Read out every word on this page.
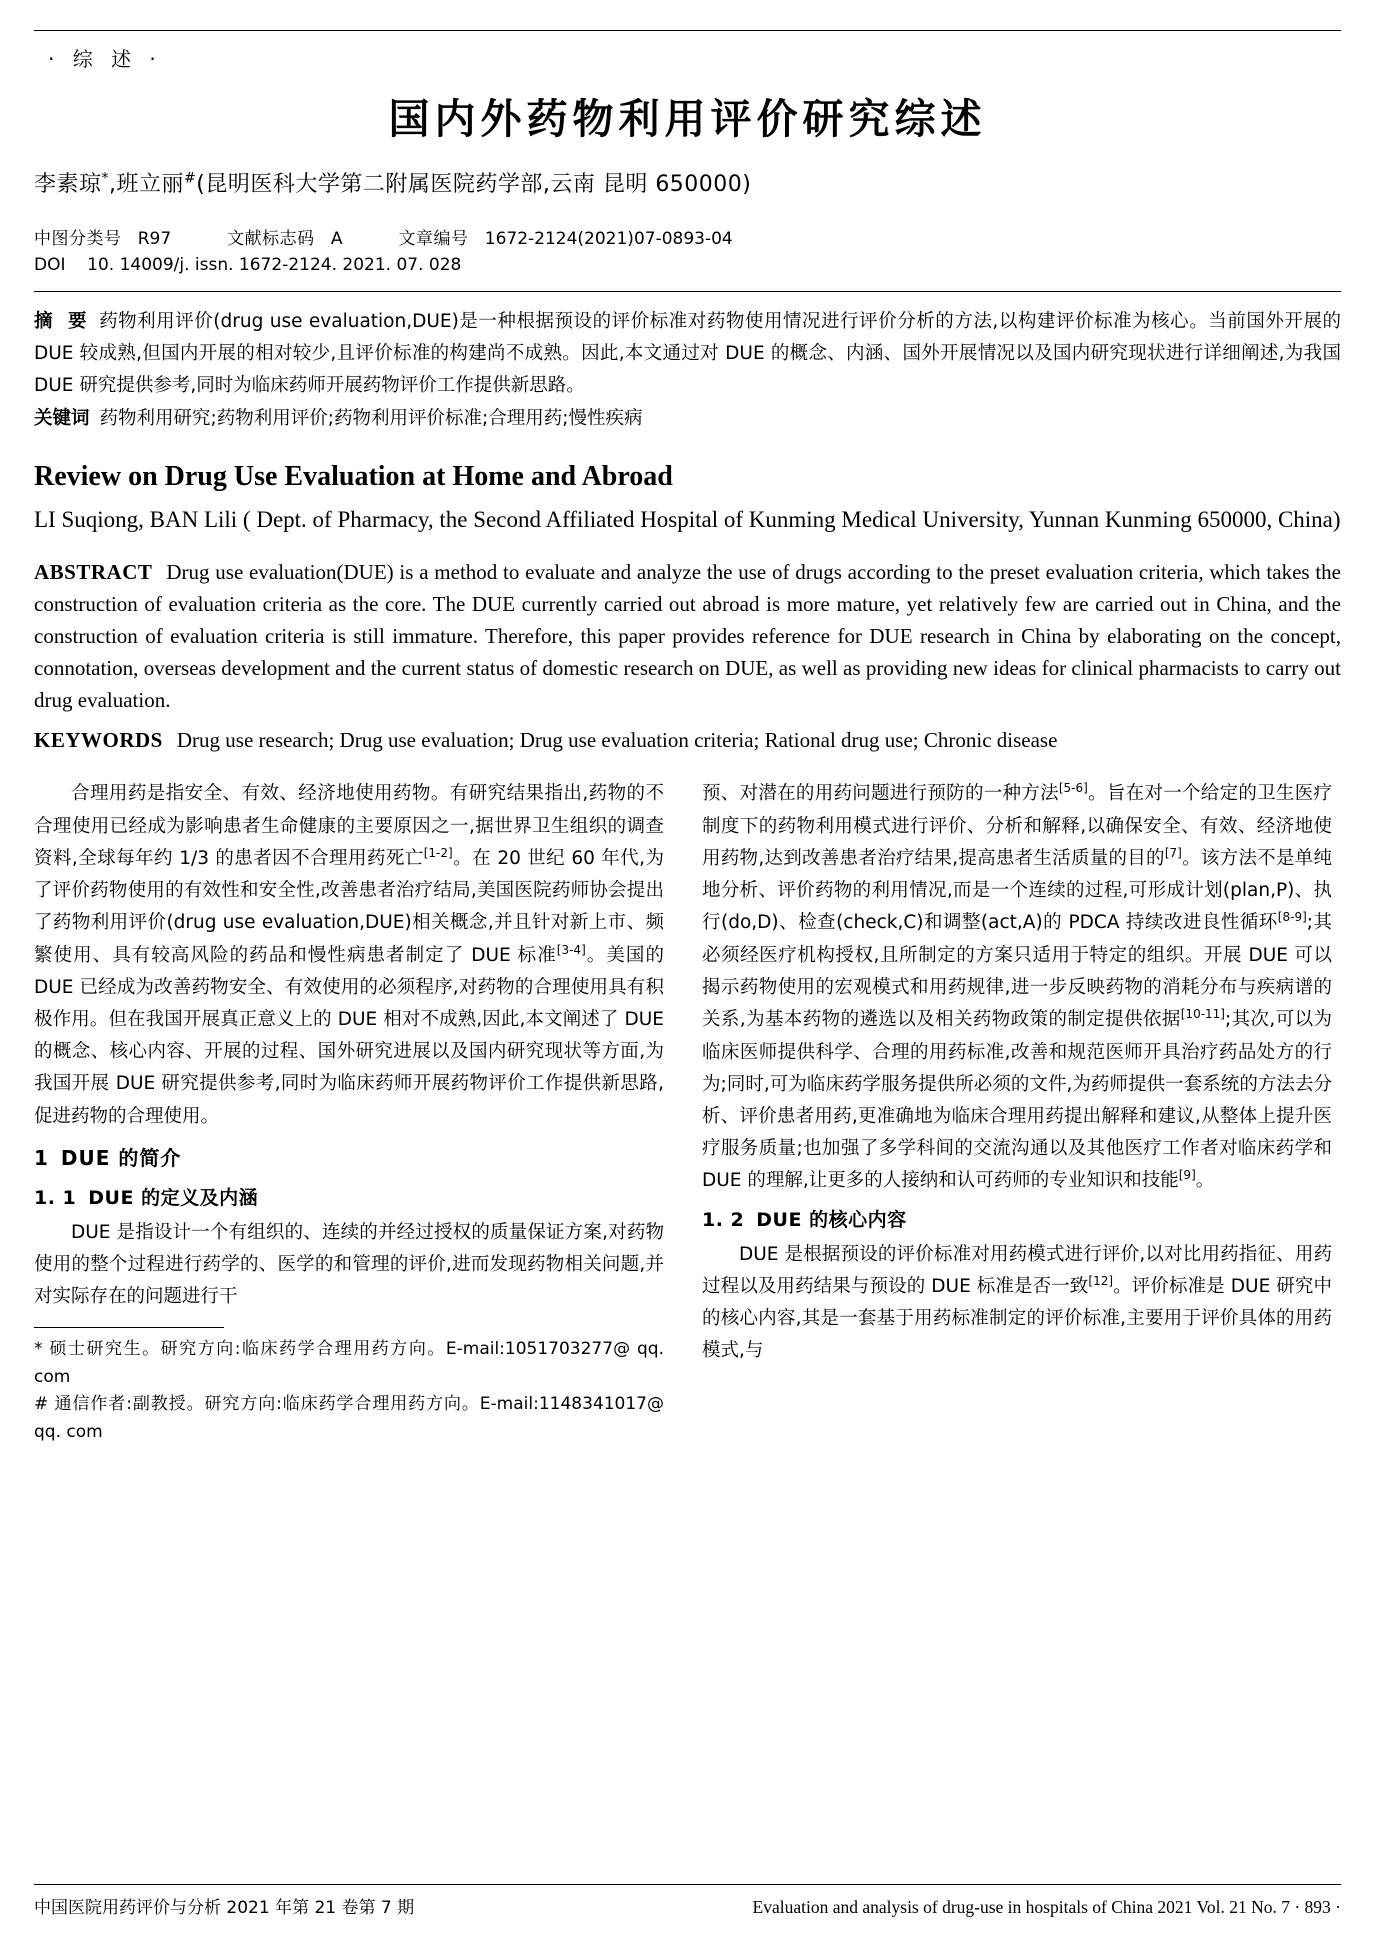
· 综 述 ·
国内外药物利用评价研究综述
李素琼*,班立丽#(昆明医科大学第二附属医院药学部,云南 昆明 650000)
中图分类号 R97	文献标志码 A	文章编号 1672-2124(2021)07-0893-04
DOI 10. 14009/j. issn. 1672-2124. 2021. 07. 028
摘 要 药物利用评价(drug use evaluation,DUE)是一种根据预设的评价标准对药物使用情况进行评价分析的方法,以构建评价标准为核心。当前国外开展的 DUE 较成熟,但国内开展的相对较少,且评价标准的构建尚不成熟。因此,本文通过对 DUE 的概念、内涵、国外开展情况以及国内研究现状进行详细阐述,为我国 DUE 研究提供参考,同时为临床药师开展药物评价工作提供新思路。
关键词 药物利用研究;药物利用评价;药物利用评价标准;合理用药;慢性疾病
Review on Drug Use Evaluation at Home and Abroad
LI Suqiong, BAN Lili ( Dept. of Pharmacy, the Second Affiliated Hospital of Kunming Medical University, Yunnan Kunming 650000, China)
ABSTRACT Drug use evaluation(DUE) is a method to evaluate and analyze the use of drugs according to the preset evaluation criteria, which takes the construction of evaluation criteria as the core. The DUE currently carried out abroad is more mature, yet relatively few are carried out in China, and the construction of evaluation criteria is still immature. Therefore, this paper provides reference for DUE research in China by elaborating on the concept, connotation, overseas development and the current status of domestic research on DUE, as well as providing new ideas for clinical pharmacists to carry out drug evaluation.
KEYWORDS Drug use research; Drug use evaluation; Drug use evaluation criteria; Rational drug use; Chronic disease

合理用药是指安全、有效、经济地使用药物。有研究结果指出,药物的不合理使用已经成为影响患者生命健康的主要原因之一,据世界卫生组织的调查资料,全球每年约 1/3 的患者因不合理用药死亡[1-2]。在 20 世纪 60 年代,为了评价药物使用的有效性和安全性,改善患者治疗结局,美国医院药师协会提出了药物利用评价(drug use evaluation,DUE)相关概念,并且针对新上市、频繁使用、具有较高风险的药品和慢性病患者制定了 DUE 标准[3-4]。美国的 DUE 已经成为改善药物安全、有效使用的必须程序,对药物的合理使用具有积极作用。但在我国开展真正意义上的 DUE 相对不成熟,因此,本文阐述了 DUE 的概念、核心内容、开展的过程、国外研究进展以及国内研究现状等方面,为我国开展 DUE 研究提供参考,同时为临床药师开展药物评价工作提供新思路,促进药物的合理使用。

1 DUE 的简介
1. 1 DUE 的定义及内涵

DUE 是指设计一个有组织的、连续的并经过授权的质量保证方案,对药物使用的整个过程进行药学的、医学的和管理的评价,进而发现药物相关问题,并对实际存在的问题进行干

* 硕士研究生。研究方向:临床药学合理用药方向。E-mail:1051703277@ qq. com

# 通信作者:副教授。研究方向:临床药学合理用药方向。E-mail:1148341017@ qq. com

预、对潜在的用药问题进行预防的一种方法[5-6]。旨在对一个给定的卫生医疗制度下的药物利用模式进行评价、分析和解释,以确保安全、有效、经济地使用药物,达到改善患者治疗结果,提高患者生活质量的目的[7]。该方法不是单纯地分析、评价药物的利用情况,而是一个连续的过程,可形成计划(plan,P)、执行(do,D)、检查(check,C)和调整(act,A)的 PDCA 持续改进良性循环[8-9];其必须经医疗机构授权,且所制定的方案只适用于特定的组织。开展 DUE 可以揭示药物使用的宏观模式和用药规律,进一步反映药物的消耗分布与疾病谱的关系,为基本药物的遴选以及相关药物政策的制定提供依据[10-11];其次,可以为临床医师提供科学、合理的用药标准,改善和规范医师开具治疗药品处方的行为;同时,可为临床药学服务提供所必须的文件,为药师提供一套系统的方法去分析、评价患者用药,更准确地为临床合理用药提出解释和建议,从整体上提升医疗服务质量;也加强了多学科间的交流沟通以及其他医疗工作者对临床药学和 DUE 的理解,让更多的人接纳和认可药师的专业知识和技能[9]。

1. 2 DUE 的核心内容

DUE 是根据预设的评价标准对用药模式进行评价,以对比用药指征、用药过程以及用药结果与预设的 DUE 标准是否一致[12]。评价标准是 DUE 研究中的核心内容,其是一套基于用药标准制定的评价标准,主要用于评价具体的用药模式,与

中国医院用药评价与分析 2021 年第 21 卷第 7 期	Evaluation and analysis of drug-use in hospitals of China 2021 Vol. 21 No. 7 · 893 ·
